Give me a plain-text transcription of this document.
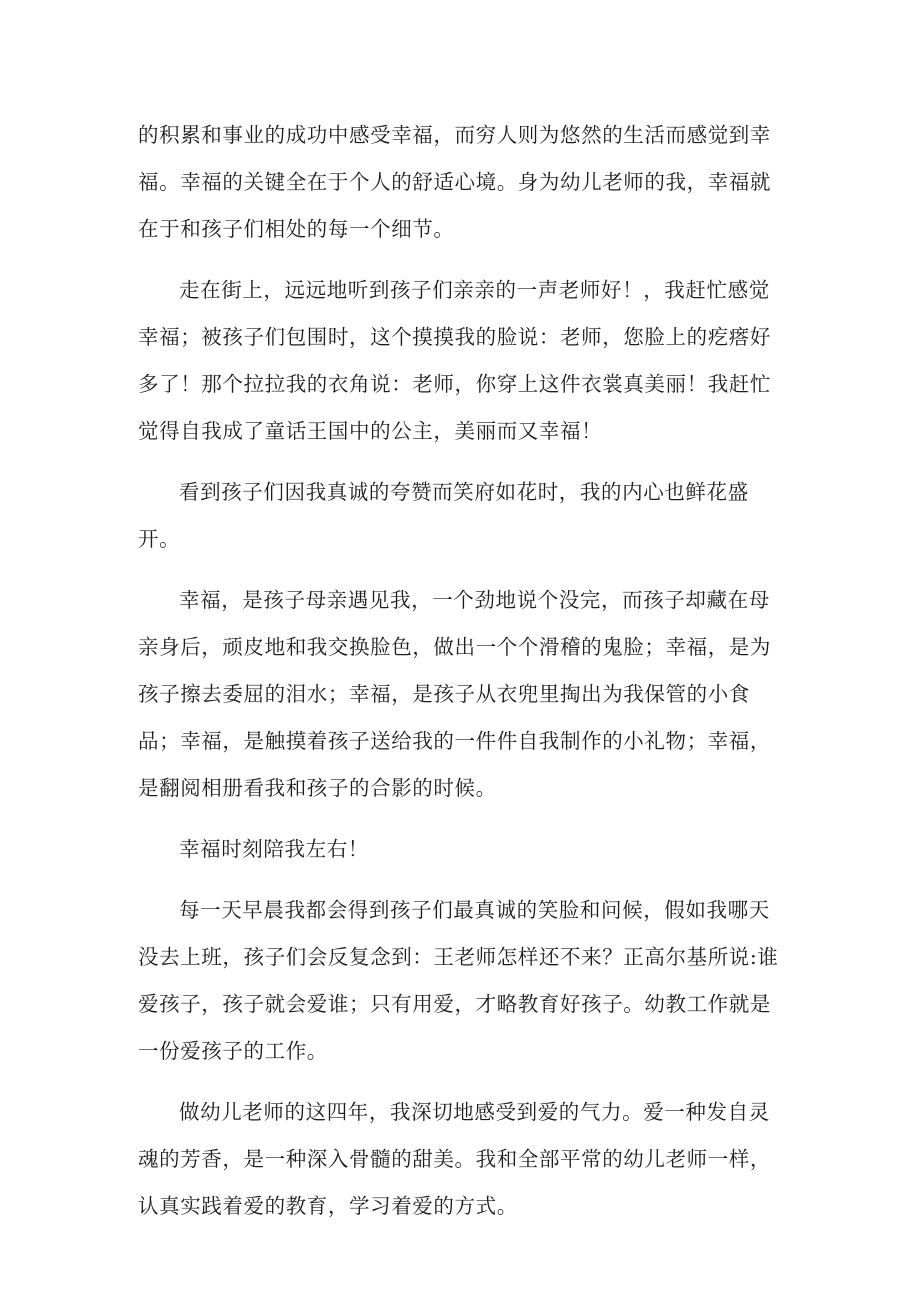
的积累和事业的成功中感受幸福，而穷人则为悠然的生活而感觉到幸福。幸福的关键全在于个人的舒适心境。身为幼儿老师的我，幸福就在于和孩子们相处的每一个细节。

走在街上，远远地听到孩子们亲亲的一声老师好！，我赶忙感觉幸福；被孩子们包围时，这个摸摸我的脸说：老师，您脸上的疙瘩好多了！那个拉拉我的衣角说：老师，你穿上这件衣裳真美丽！我赶忙觉得自我成了童话王国中的公主，美丽而又幸福！

看到孩子们因我真诚的夸赞而笑府如花时，我的内心也鲜花盛开。

幸福，是孩子母亲遇见我，一个劲地说个没完，而孩子却藏在母亲身后，顽皮地和我交换脸色，做出一个个滑稽的鬼脸；幸福，是为孩子擦去委屈的泪水；幸福，是孩子从衣兜里掏出为我保管的小食品；幸福，是触摸着孩子送给我的一件件自我制作的小礼物；幸福，是翻阅相册看我和孩子的合影的时候。

幸福时刻陪我左右！

每一天早晨我都会得到孩子们最真诚的笑脸和问候，假如我哪天没去上班，孩子们会反复念到：王老师怎样还不来？正高尔基所说:谁爱孩子，孩子就会爱谁；只有用爱，才略教育好孩子。幼教工作就是一份爱孩子的工作。

做幼儿老师的这四年，我深切地感受到爱的气力。爱一种发自灵魂的芳香，是一种深入骨髓的甜美。我和全部平常的幼儿老师一样，认真实践着爱的教育，学习着爱的方式。
